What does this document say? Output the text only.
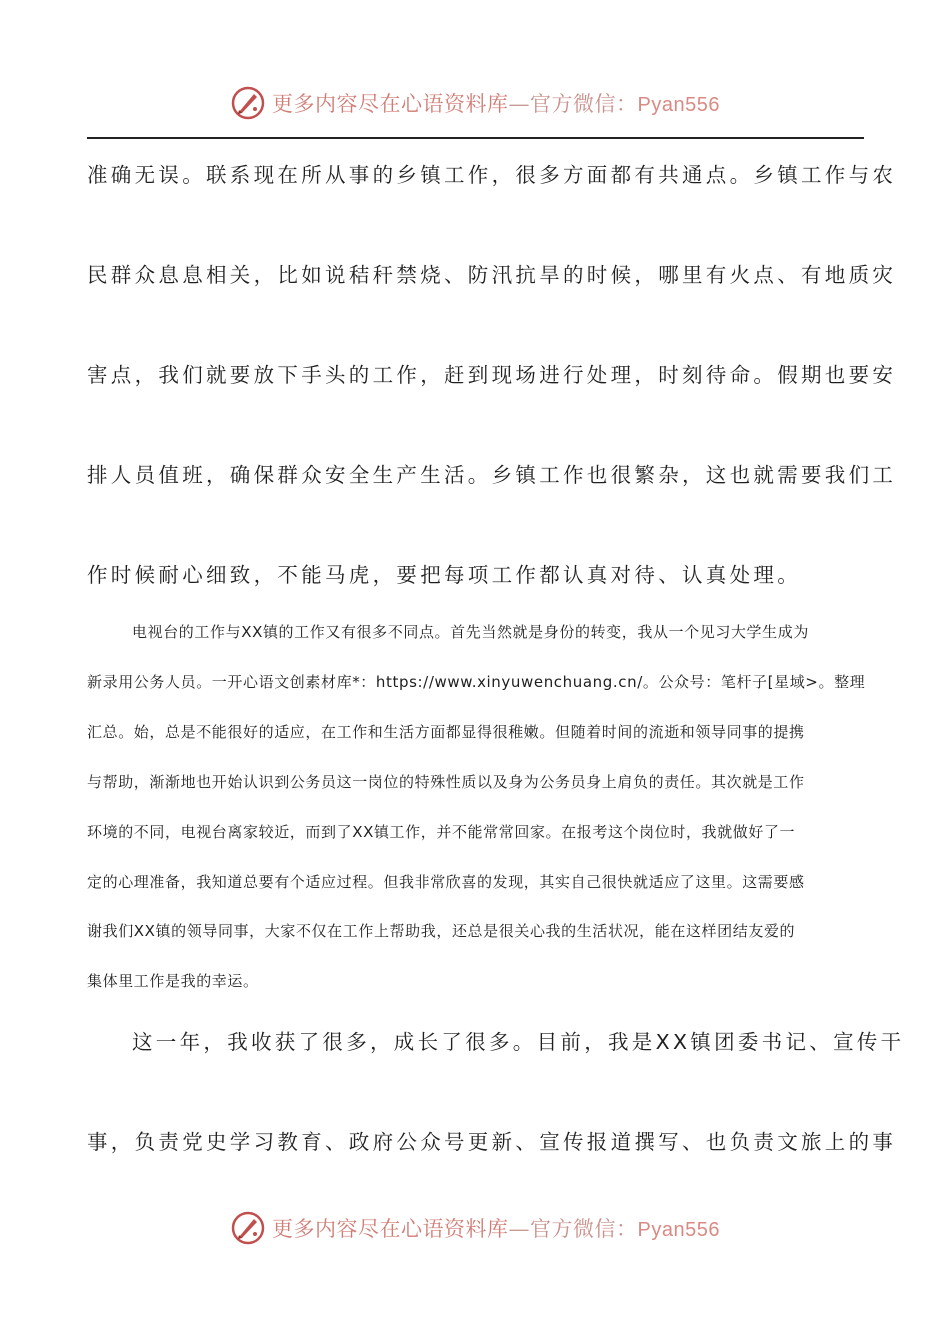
更多内容尽在心语资料库—官方微信：Pyan556
准确无误。联系现在所从事的乡镇工作，很多方面都有共通点。乡镇工作与农
民群众息息相关，比如说秸秆禁烧、防汛抗旱的时候，哪里有火点、有地质灾
害点，我们就要放下手头的工作，赶到现场进行处理，时刻待命。假期也要安
排人员值班，确保群众安全生产生活。乡镇工作也很繁杂，这也就需要我们工
作时候耐心细致，不能马虎，要把每项工作都认真对待、认真处理。
电视台的工作与XX镇的工作又有很多不同点。首先当然就是身份的转变，我从一个见习大学生成为
新录用公务人员。一开心语文创素材库*：https://www.xinyuwenchuang.cn/。公众号：笔杆子[星域>。整理
汇总。始，总是不能很好的适应，在工作和生活方面都显得很稚嫩。但随着时间的流逝和领导同事的提携
与帮助，渐渐地也开始认识到公务员这一岗位的特殊性质以及身为公务员身上肩负的责任。其次就是工作
环境的不同，电视台离家较近，而到了XX镇工作，并不能常常回家。在报考这个岗位时，我就做好了一
定的心理准备，我知道总要有个适应过程。但我非常欣喜的发现，其实自己很快就适应了这里。这需要感
谢我们XX镇的领导同事，大家不仅在工作上帮助我，还总是很关心我的生活状况，能在这样团结友爱的
集体里工作是我的幸运。
这一年，我收获了很多，成长了很多。目前，我是XX镇团委书记、宣传干
事，负责党史学习教育、政府公众号更新、宣传报道撰写、也负责文旅上的事
更多内容尽在心语资料库—官方微信：Pyan556
